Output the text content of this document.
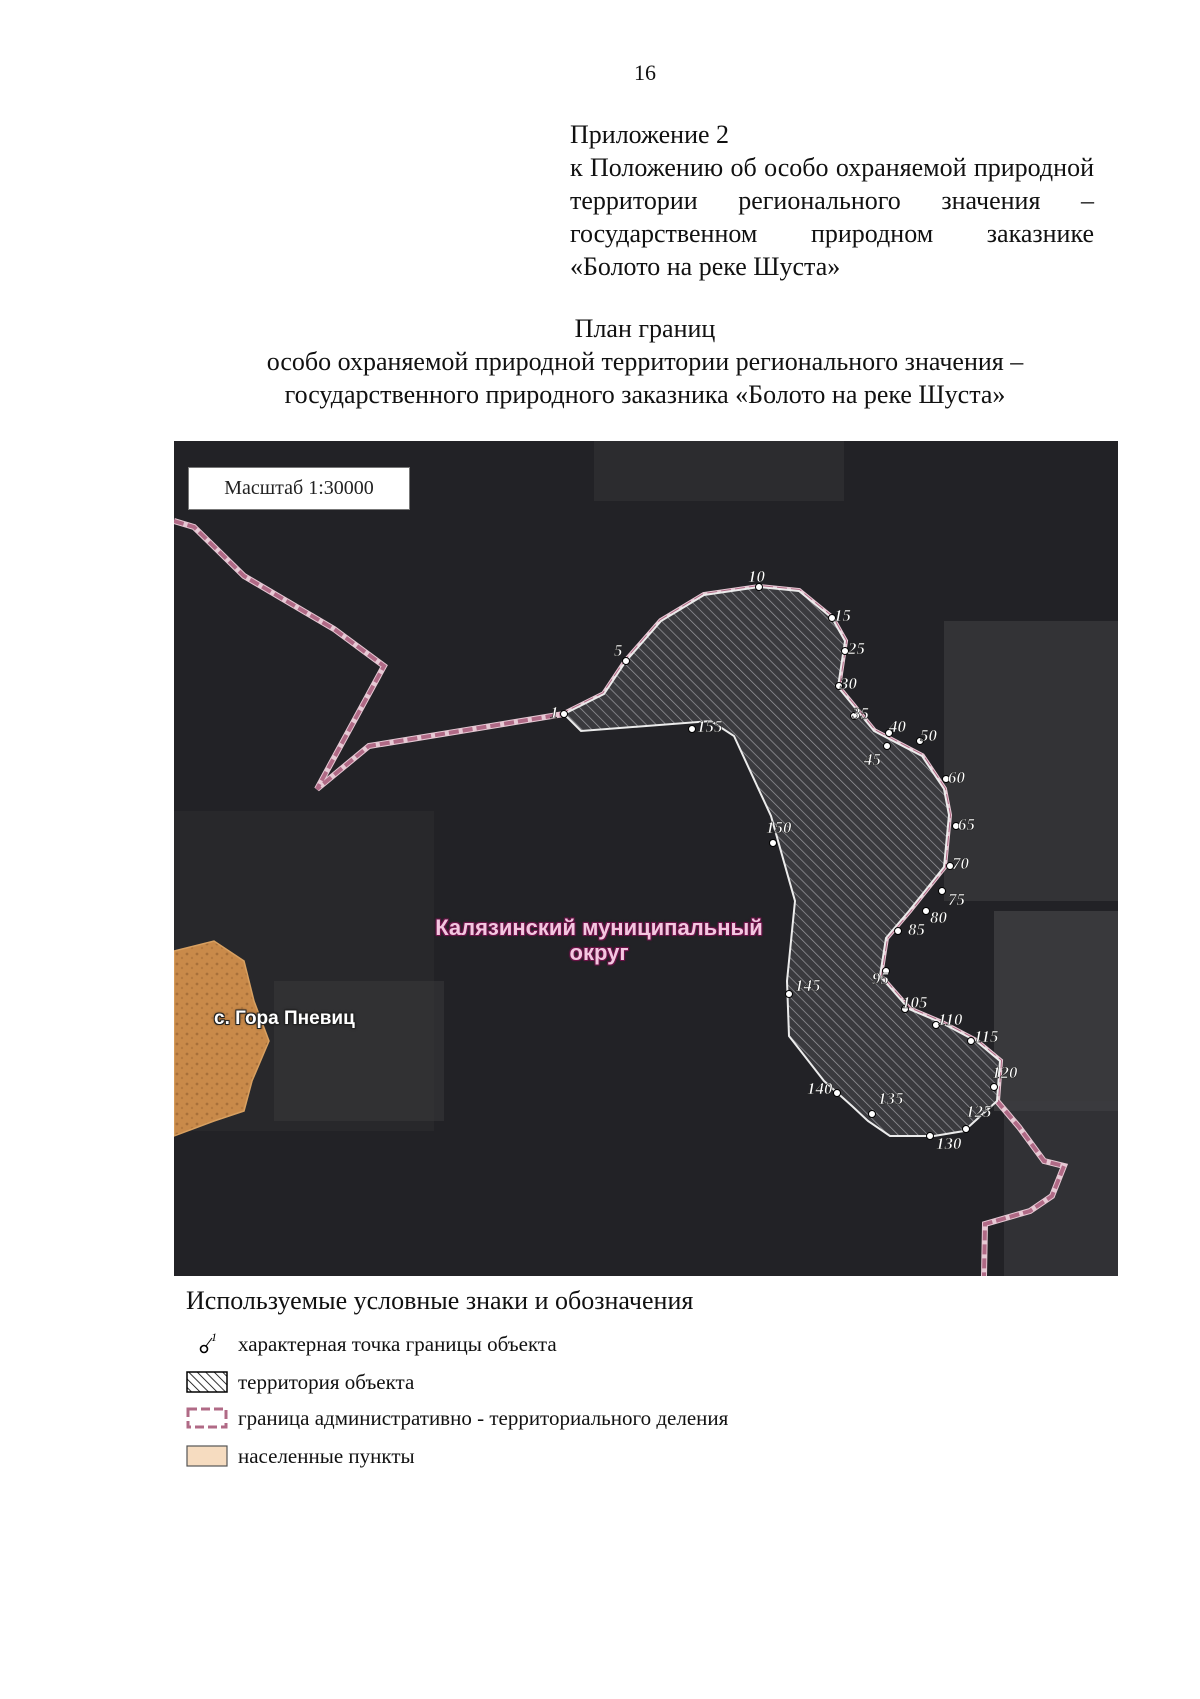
16
Приложение 2
к Положению об особо охраняемой природной территории регионального значения – государственном природном заказнике «Болото на реке Шуста»
План границ
особо охраняемой природной территории регионального значения –
государственного природного заказника «Болото на реке Шуста»
1
5
10
15
25
30
35
40
45
50
60
65
70
75
80
85
95
105
110
115
120
125
130
135
140
145
150
155
Масштаб 1:30000
Калязинский муниципальный округ
с. Гора Пневиц
Используемые условные знаки и обозначения
1 характерная точка границы объекта
территория объекта
граница административно - территориального деления
населенные пункты
